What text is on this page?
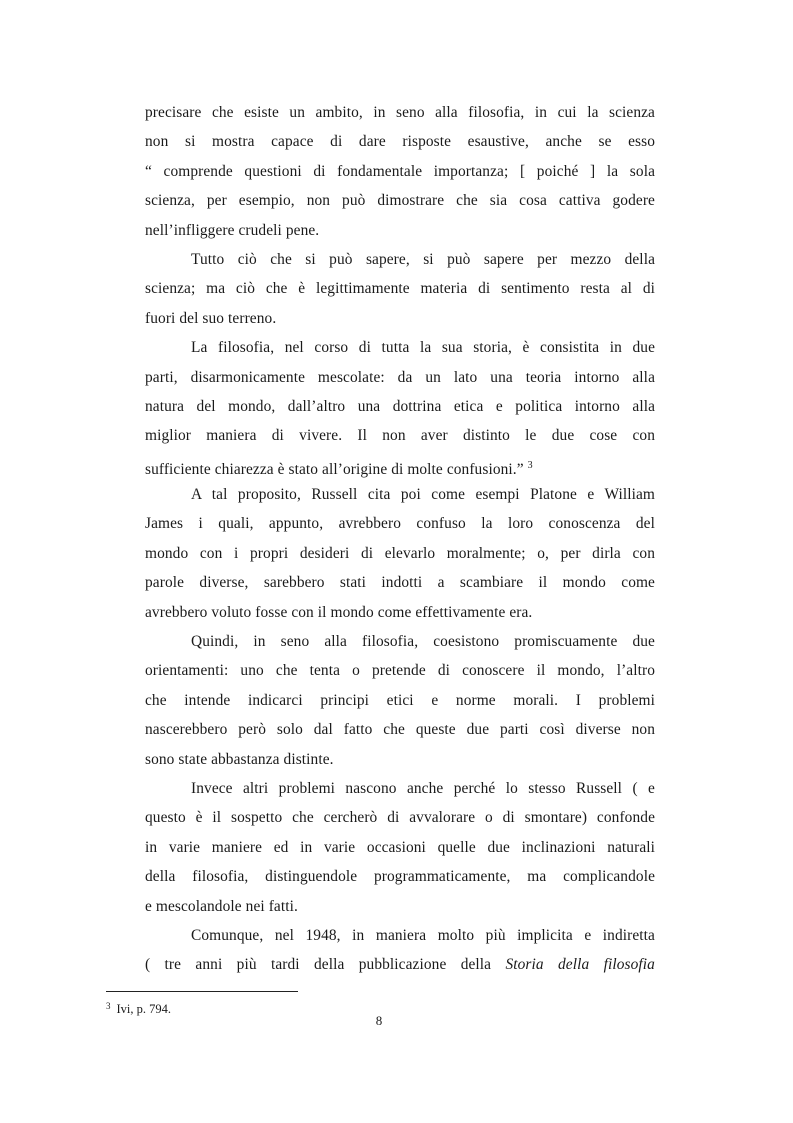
precisare che esiste un ambito, in seno alla filosofia, in cui la scienza
non si mostra capace di dare risposte esaustive, anche se esso
“ comprende questioni di fondamentale importanza; [ poiché ] la sola
scienza, per esempio, non può dimostrare che sia cosa cattiva godere
nell’infliggere crudeli pene.
Tutto ciò che si può sapere, si può sapere per mezzo della
scienza; ma ciò che è legittimamente materia di sentimento resta al di
fuori del suo terreno.
La filosofia, nel corso di tutta la sua storia, è consistita in due
parti, disarmonicamente mescolate: da un lato una teoria intorno alla
natura del mondo, dall’altro una dottrina etica e politica intorno alla
miglior maniera di vivere. Il non aver distinto le due cose con
sufficiente chiarezza è stato all’origine di molte confusioni.” $^3$
A tal proposito, Russell cita poi come esempi Platone e William
James i quali, appunto, avrebbero confuso la loro conoscenza del
mondo con i propri desideri di elevarlo moralmente; o, per dirla con
parole diverse, sarebbero stati indotti a scambiare il mondo come
avrebbero voluto fosse con il mondo come effettivamente era.
Quindi, in seno alla filosofia, coesistono promiscuamente due
orientamenti: uno che tenta o pretende di conoscere il mondo, l’altro
che intende indicarci principi etici e norme morali. I problemi
nascerebbero però solo dal fatto che queste due parti così diverse non
sono state abbastanza distinte.
Invece altri problemi nascono anche perché lo stesso Russell ( e
questo è il sospetto che cercherò di avvalorare o di smontare) confonde
in varie maniere ed in varie occasioni quelle due inclinazioni naturali
della filosofia, distinguendole programmaticamente, ma complicandole
e mescolandole nei fatti.
Comunque, nel 1948, in maniera molto più implicita e indiretta
( tre anni più tardi della pubblicazione della Storia della filosofia
$^3$ Ivi, p. 794.
8
